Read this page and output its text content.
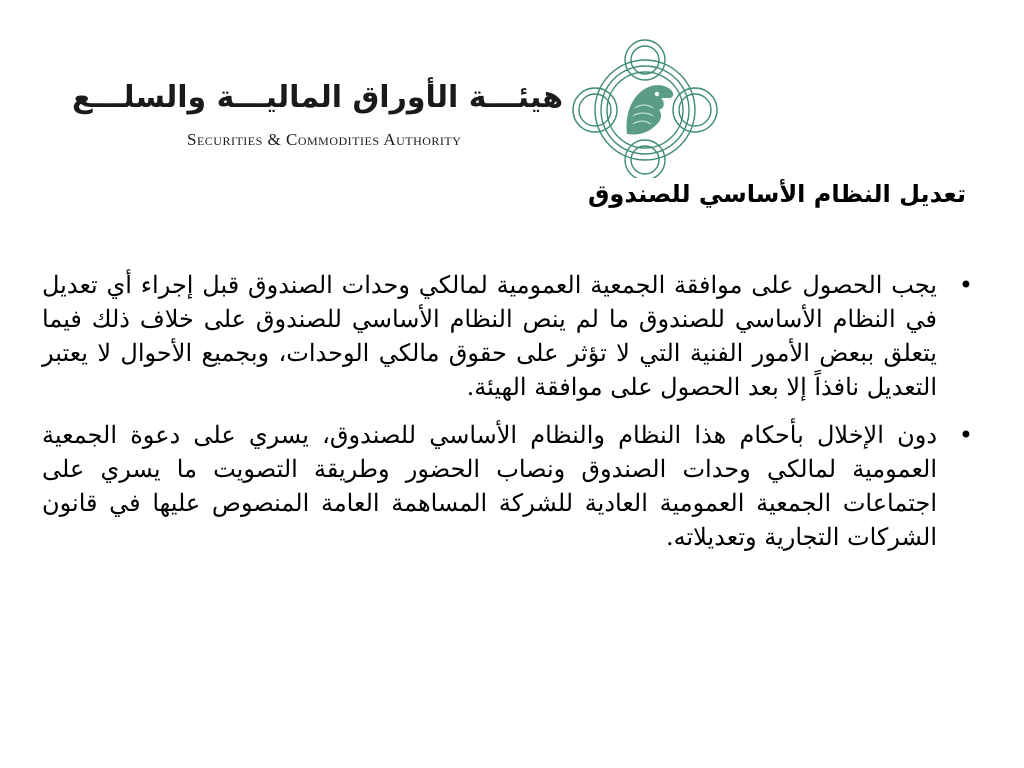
هيئـــة الأوراق الماليـــة والسلـــع
Securities & Commodities Authority
تعديل النظام الأساسي للصندوق
•
يجب الحصول على موافقة الجمعية العمومية لمالكي وحدات الصندوق قبل إجراء أي تعديل في النظام الأساسي للصندوق ما لم ينص النظام الأساسي للصندوق على خلاف ذلك فيما يتعلق ببعض الأمور الفنية التي لا تؤثر على حقوق مالكي الوحدات، وبجميع الأحوال لا يعتبر التعديل نافذاً إلا بعد الحصول على موافقة الهيئة.
•
دون الإخلال بأحكام هذا النظام والنظام الأساسي للصندوق، يسري على دعوة الجمعية العمومية لمالكي وحدات الصندوق ونصاب الحضور وطريقة التصويت ما يسري على اجتماعات الجمعية العمومية العادية للشركة المساهمة العامة المنصوص عليها في قانون الشركات التجارية وتعديلاته.
